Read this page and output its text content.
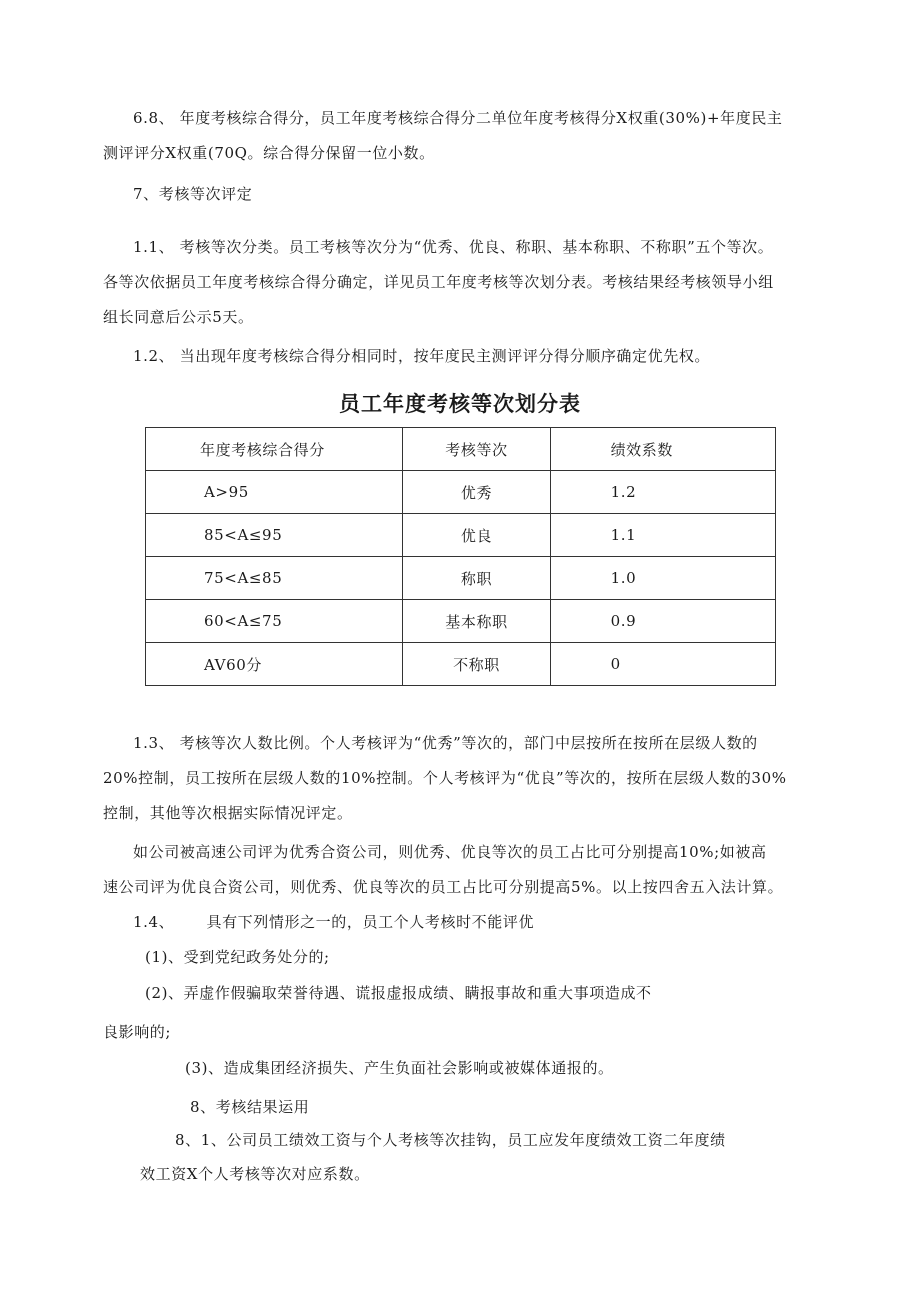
6.8、 年度考核综合得分，员工年度考核综合得分二单位年度考核得分X权重(30%)+年度民主
测评评分X权重(70Q。综合得分保留一位小数。
7、考核等次评定
1.1、 考核等次分类。员工考核等次分为“优秀、优良、称职、基本称职、不称职”五个等次。
各等次依据员工年度考核综合得分确定，详见员工年度考核等次划分表。考核结果经考核领导小组
组长同意后公示5天。
1.2、 当出现年度考核综合得分相同时，按年度民主测评评分得分顺序确定优先权。
员工年度考核等次划分表
年度考核综合得分	考核等次	绩效系数
A>95	优秀	1.2
85<A≤95	优良	1.1
75<Α≤85	称职	1.0
60<Α≤75	基本称职	0.9
AV60分	不称职	0
1.3、 考核等次人数比例。个人考核评为“优秀”等次的，部门中层按所在按所在层级人数的
20%控制，员工按所在层级人数的10%控制。个人考核评为“优良”等次的，按所在层级人数的30%
控制，其他等次根据实际情况评定。
如公司被高速公司评为优秀合资公司，则优秀、优良等次的员工占比可分别提高10%;如被高
速公司评为优良合资公司，则优秀、优良等次的员工占比可分别提高5%。以上按四舍五入法计算。
1.4、      具有下列情形之一的，员工个人考核时不能评优
(1)、受到党纪政务处分的;
(2)、弄虚作假骗取荣誉待遇、谎报虚报成绩、瞒报事故和重大事项造成不
良影响的;
(3)、造成集团经济损失、产生负面社会影响或被媒体通报的。
8、考核结果运用
8、1、公司员工绩效工资与个人考核等次挂钩，员工应发年度绩效工资二年度绩
效工资X个人考核等次对应系数。
